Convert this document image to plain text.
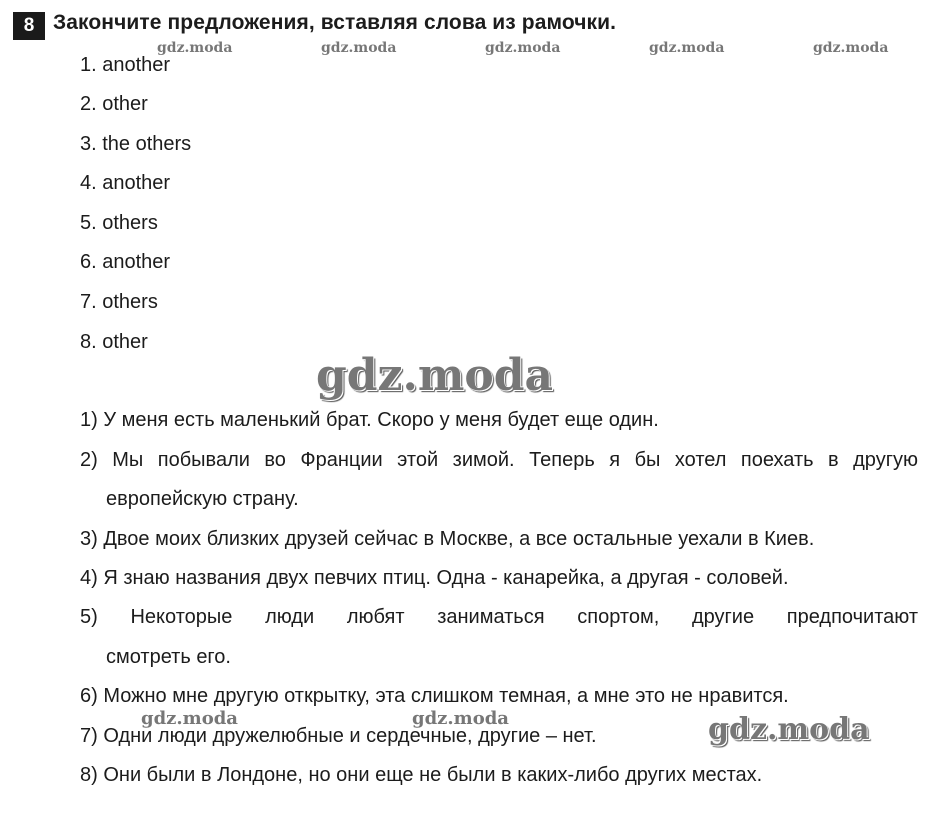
8 Закончите предложения, вставляя слова из рамочки.
gdz.moda	gdz.moda	gdz.moda	gdz.moda	gdz.moda
1. another
2. other
3. the others
4. another
5. others
6. another
7. others
8. other
gdz.moda
1) У меня есть маленький брат. Скоро у меня будет еще один.
2) Мы побывали во Франции этой зимой. Теперь я бы хотел поехать в другую
европейскую страну.
3) Двое моих близких друзей сейчас в Москве, а все остальные уехали в Киев.
4) Я знаю названия двух певчих птиц. Одна - канарейка, а другая - соловей.
5) Некоторые люди любят заниматься спортом, другие предпочитают
смотреть его.
6) Можно мне другую открытку, эта слишком темная, а мне это не нравится.
7) Одни люди дружелюбные и сердечные, другие – нет.
8) Они были в Лондоне, но они еще не были в каких-либо других местах.
gdz.moda	gdz.moda	gdz.moda
